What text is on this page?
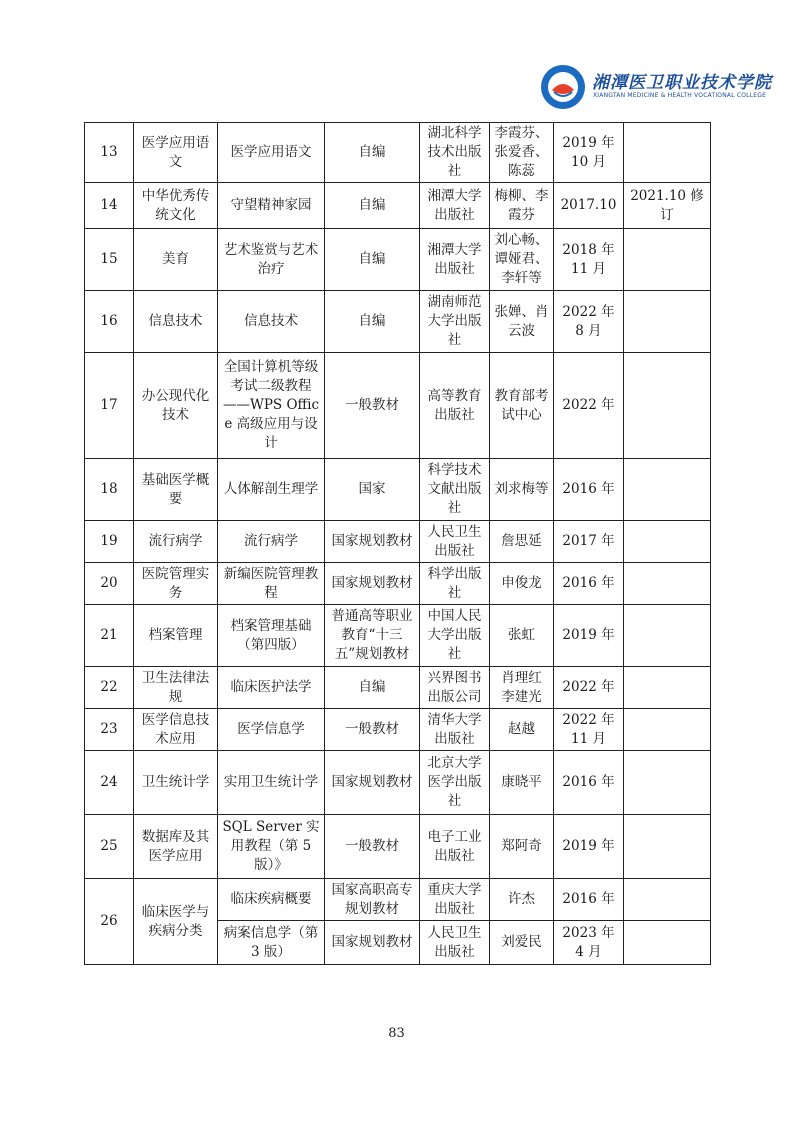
湘潭医卫职业技术学院
XIANGTAN MEDICINE & HEALTH VOCATIONAL COLLEGE
13	医学应用语文	医学应用语文	自编	湖北科学技术出版社	李霞芬、张爱香、陈蕊	2019 年 10 月	
14	中华优秀传统文化	守望精神家园	自编	湘潭大学出版社	梅柳、李霞芬	2017.10	2021.10 修订
15	美育	艺术鉴赏与艺术治疗	自编	湘潭大学出版社	刘心畅、谭娅君、李轩等	2018 年 11 月	
16	信息技术	信息技术	自编	湖南师范大学出版社	张婵、肖云波	2022 年 8 月	
17	办公现代化技术	全国计算机等级考试二级教程——WPS Office 高级应用与设计	一般教材	高等教育出版社	教育部考试中心	2022 年	
18	基础医学概要	人体解剖生理学	国家	科学技术文献出版社	刘求梅等	2016 年	
19	流行病学	流行病学	国家规划教材	人民卫生出版社	詹思延	2017 年	
20	医院管理实务	新编医院管理教程	国家规划教材	科学出版社	申俊龙	2016 年	
21	档案管理	档案管理基础（第四版）	普通高等职业教育“十三五”规划教材	中国人民大学出版社	张虹	2019 年	
22	卫生法律法规	临床医护法学	自编	兴界图书出版公司	肖理红 李建光	2022 年	
23	医学信息技术应用	医学信息学	一般教材	清华大学出版社	赵越	2022 年 11 月	
24	卫生统计学	实用卫生统计学	国家规划教材	北京大学医学出版社	康晓平	2016 年	
25	数据库及其医学应用	SQL Server 实用教程（第 5 版）》	一般教材	电子工业出版社	郑阿奇	2019 年	
26	临床医学与疾病分类	临床疾病概要	国家高职高专规划教材	重庆大学出版社	许杰	2016 年	
		病案信息学（第 3 版）	国家规划教材	人民卫生出版社	刘爱民	2023 年 4 月	
83
